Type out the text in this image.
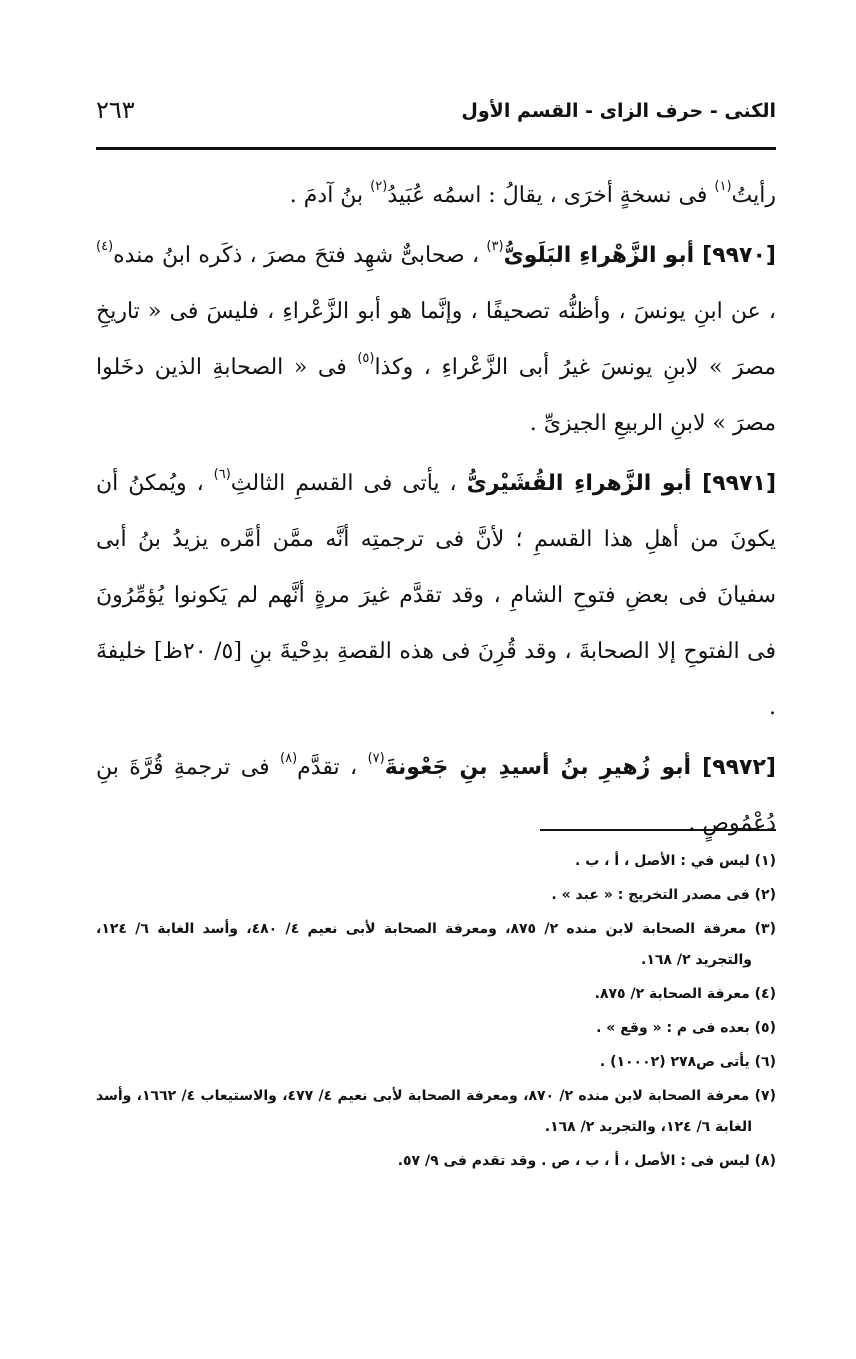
الكنى - حرف الزاى - القسم الأول
٢٦٣

رأيتُ$^{(١)}$ فى نسخةٍ أخرَى ، يقالُ : اسمُه عُبَيدُ$^{(٢)}$ بنُ آدمَ .

[٩٩٧٠] أبو الزَّهْراءِ البَلَوىُّ$^{(٣)}$ ، صحابىٌّ شهِد فتحَ مصرَ ، ذكَره ابنُ منده$^{(٤)}$ ، عن ابنِ يونسَ ، وأظنُّه تصحيفًا ، وإنَّما هو أبو الزَّعْراءِ ، فليسَ فى « تاريخِ مصرَ » لابنِ يونسَ غيرُ أبى الزَّعْراءِ ، وكذا$^{(٥)}$ فى « الصحابةِ الذين دخَلوا مصرَ » لابنِ الربيعِ الجيزىِّ .

[٩٩٧١] أبو الزَّهراءِ القُشَيْرىُّ ، يأتى فى القسمِ الثالثِ$^{(٦)}$ ، ويُمكنُ أن يكونَ من أهلِ هذا القسمِ ؛ لأنَّ فى ترجمتِه أنَّه ممَّن أمَّره يزيدُ بنُ أبى سفيانَ فى بعضِ فتوحِ الشامِ ، وقد تقدَّم غيرَ مرةٍ أنَّهم لم يَكونوا يُؤمِّرُونَ فى الفتوحِ إلا الصحابةَ ، وقد قُرِنَ فى هذه القصةِ بدِحْيةَ بنِ [٥/ ٢٠ظ] خليفةَ .

[٩٩٧٢] أبو زُهيرِ بنُ أسيدِ بنِ جَعْونةَ$^{(٧)}$ ، تقدَّم$^{(٨)}$ فى ترجمةِ قُرَّةَ بنِ دُعْمُوصٍ .

(١) ليس في : الأصل ، أ ، ب .

(٢) فى مصدر التخريج : « عبد » .

(٣) معرفة الصحابة لابن منده ٢/ ٨٧٥، ومعرفة الصحابة لأبى نعيم ٤/ ٤٨٠، وأسد الغابة ٦/ ١٢٤، والتجريد ٢/ ١٦٨.

(٤) معرفة الصحابة ٢/ ٨٧٥.

(٥) بعده فى م : « وقع » .

(٦) يأتى ص٢٧٨ (١٠٠٠٢) .

(٧) معرفة الصحابة لابن منده ٢/ ٨٧٠، ومعرفة الصحابة لأبى نعيم ٤/ ٤٧٧، والاستيعاب ٤/ ١٦٦٢، وأسد الغابة ٦/ ١٢٤، والتجريد ٢/ ١٦٨.

(٨) ليس فى : الأصل ، أ ، ب ، ص . وقد تقدم فى ٩/ ٥٧.
